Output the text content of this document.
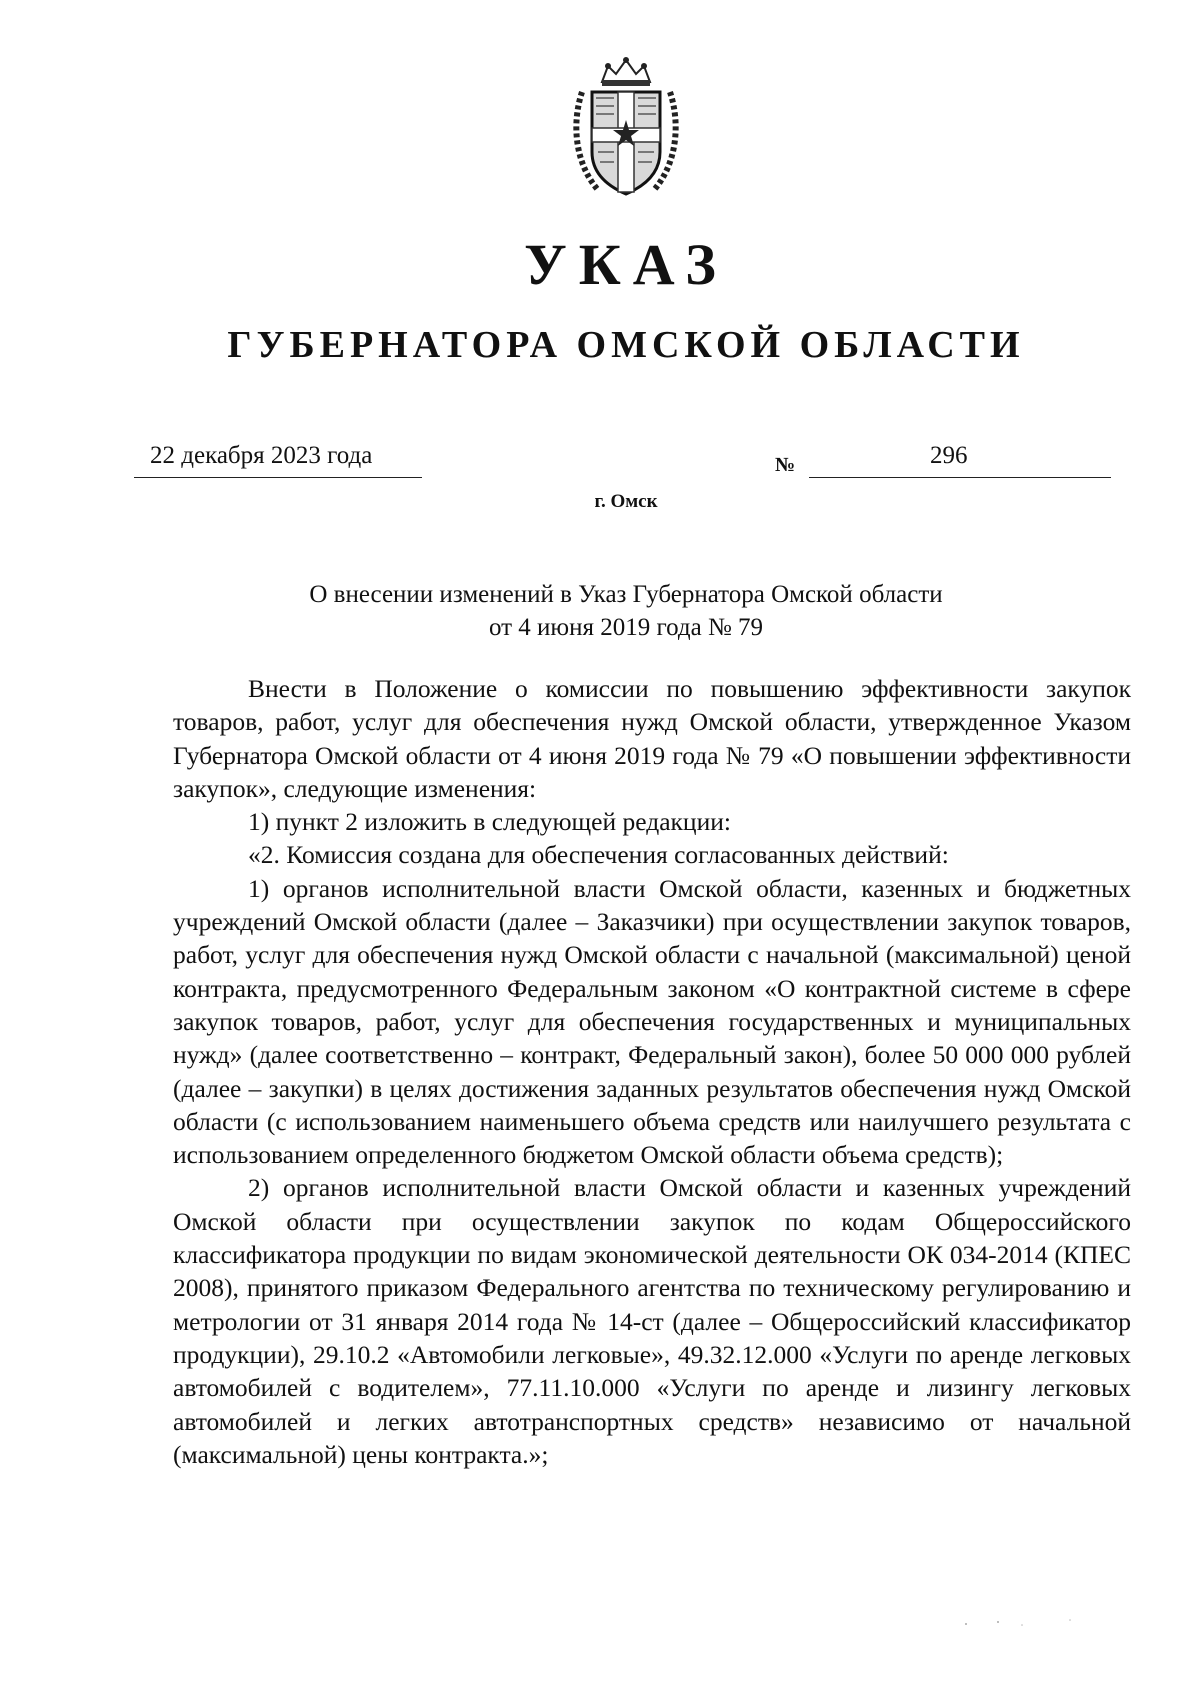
УКАЗ
ГУБЕРНАТОРА ОМСКОЙ ОБЛАСТИ
22 декабря 2023 года	№	296
г. Омск
О внесении изменений в Указ Губернатора Омской области
от 4 июня 2019 года № 79

Внести в Положение о комиссии по повышению эффективности закупок товаров, работ, услуг для обеспечения нужд Омской области, утвержденное Указом Губернатора Омской области от 4 июня 2019 года № 79 «О повышении эффективности закупок», следующие изменения:

1) пункт 2 изложить в следующей редакции:

«2. Комиссия создана для обеспечения согласованных действий:

1) органов исполнительной власти Омской области, казенных и бюджетных учреждений Омской области (далее – Заказчики) при осуществлении закупок товаров, работ, услуг для обеспечения нужд Омской области с начальной (максимальной) ценой контракта, предусмотренного Федеральным законом «О контрактной системе в сфере закупок товаров, работ, услуг для обеспечения государственных и муниципальных нужд» (далее соответственно – контракт, Федеральный закон), более 50 000 000 рублей (далее – закупки) в целях достижения заданных результатов обеспечения нужд Омской области (с использованием наименьшего объема средств или наилучшего результата с использованием определенного бюджетом Омской области объема средств);

2) органов исполнительной власти Омской области и казенных учреждений Омской области при осуществлении закупок по кодам Общероссийского классификатора продукции по видам экономической деятельности ОК 034-2014 (КПЕС 2008), принятого приказом Федерального агентства по техническому регулированию и метрологии от 31 января 2014 года № 14-ст (далее – Общероссийский классификатор продукции), 29.10.2 «Автомобили легковые», 49.32.12.000 «Услуги по аренде легковых автомобилей с водителем», 77.11.10.000 «Услуги по аренде и лизингу легковых автомобилей и легких автотранспортных средств» независимо от начальной (максимальной) цены контракта.»;
